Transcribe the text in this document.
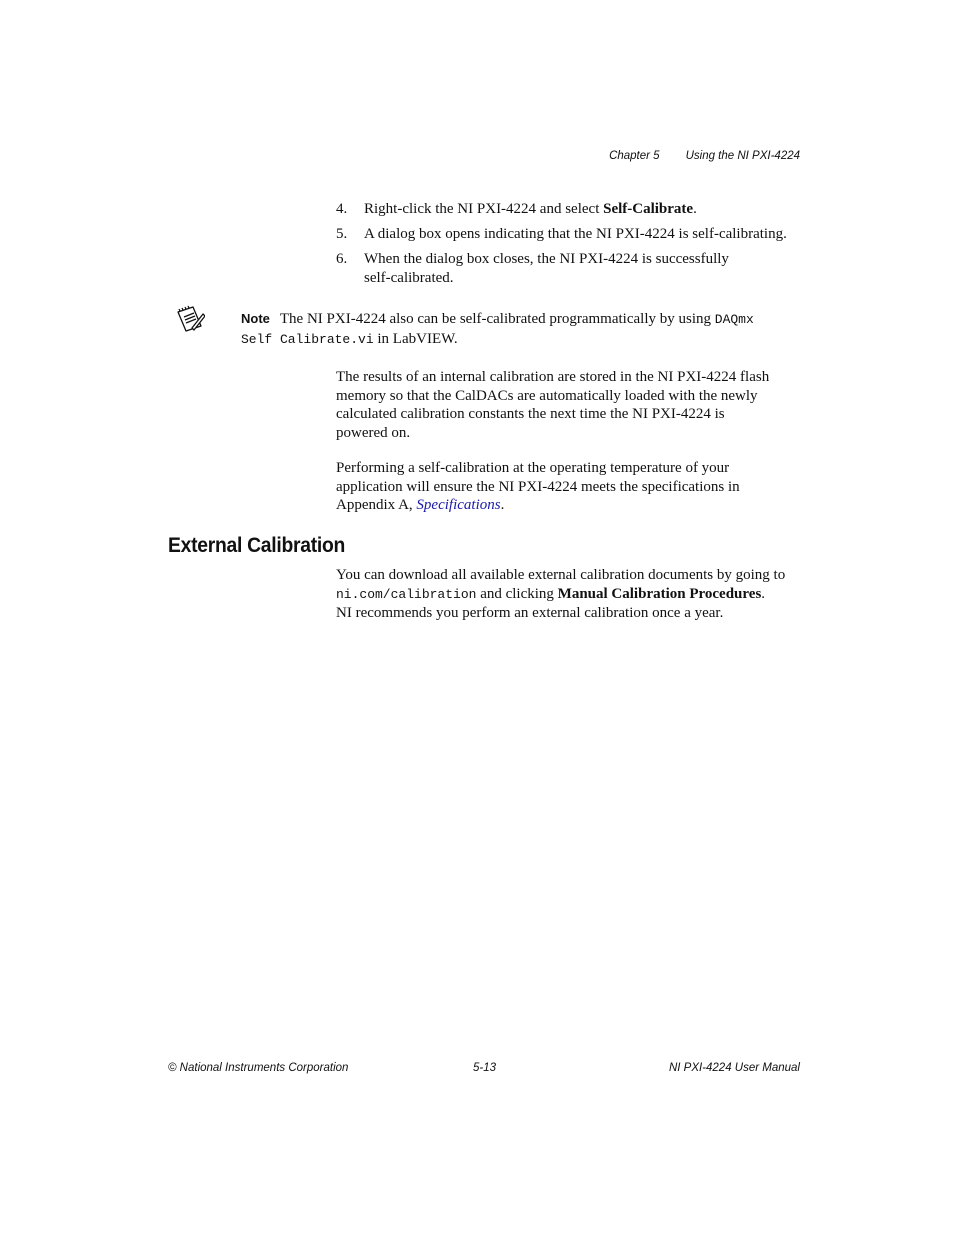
Chapter 5 Using the NI PXI-4224
4.	Right-click the NI PXI-4224 and select Self-Calibrate.
5.	A dialog box opens indicating that the NI PXI-4224 is self-calibrating.
6.	When the dialog box closes, the NI PXI-4224 is successfully
self-calibrated.
Note The NI PXI-4224 also can be self-calibrated programmatically by using DAQmx
Self Calibrate.vi in LabVIEW.
The results of an internal calibration are stored in the NI PXI-4224 flash
memory so that the CalDACs are automatically loaded with the newly
calculated calibration constants the next time the NI PXI-4224 is
powered on.
Performing a self-calibration at the operating temperature of your
application will ensure the NI PXI-4224 meets the specifications in
Appendix A, Specifications.
External Calibration
You can download all available external calibration documents by going to
ni.com/calibration and clicking Manual Calibration Procedures.
NI recommends you perform an external calibration once a year.
© National Instruments Corporation	5-13	NI PXI-4224 User Manual
